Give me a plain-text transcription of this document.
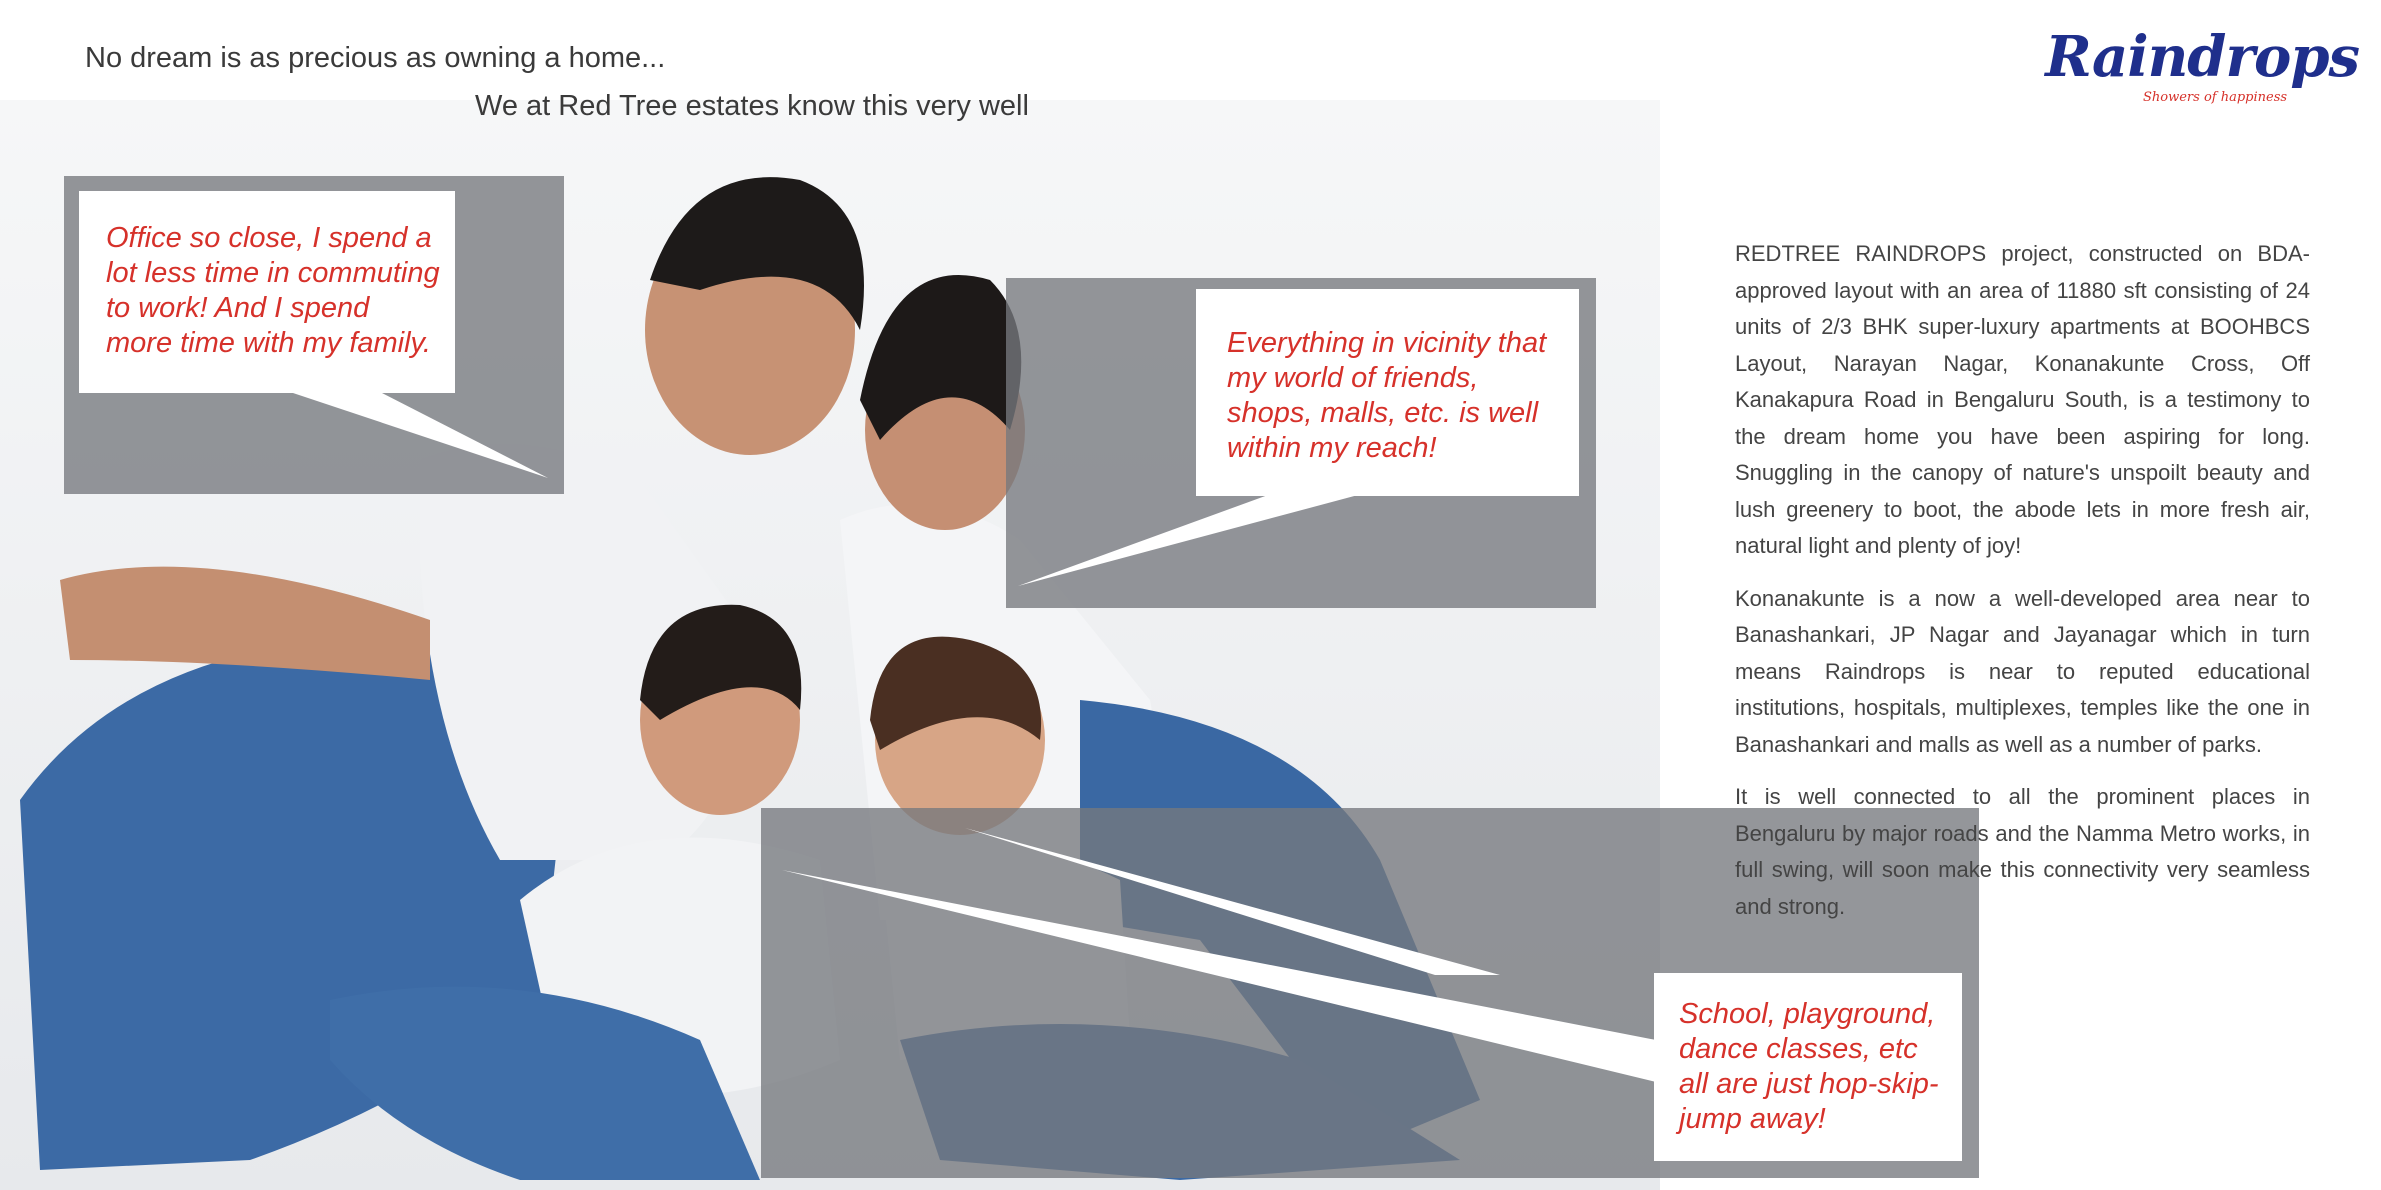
No dream is as precious as owning a home...
We at Red Tree estates know this very well
Raindrops
Showers of happiness
Office so close, I spend a lot less time in commuting to work! And I spend more time with my family.	Everything in vicinity that my world of friends, shops, malls, etc. is well within my reach!
School, playground, dance classes, etc all are just hop-skip-jump away!

REDTREE RAINDROPS project, constructed on BDA-approved layout with an area of 11880 sft consisting of 24 units of 2/3 BHK super-luxury apartments at BOOHBCS Layout, Narayan Nagar, Konanakunte Cross, Off Kanakapura Road in Bengaluru South, is a testimony to the dream home you have been aspiring for long. Snuggling in the canopy of nature's unspoilt beauty and lush greenery to boot, the abode lets in more fresh air, natural light and plenty of joy!

Konanakunte is a now a well-developed area near to Banashankari, JP Nagar and Jayanagar which in turn means Raindrops is near to reputed educational institutions, hospitals, multiplexes, temples like the one in Banashankari and malls as well as a number of parks.

It is well connected to all the prominent places in Bengaluru by major roads and the Namma Metro works, in full swing, will soon make this connectivity very seamless and strong.
